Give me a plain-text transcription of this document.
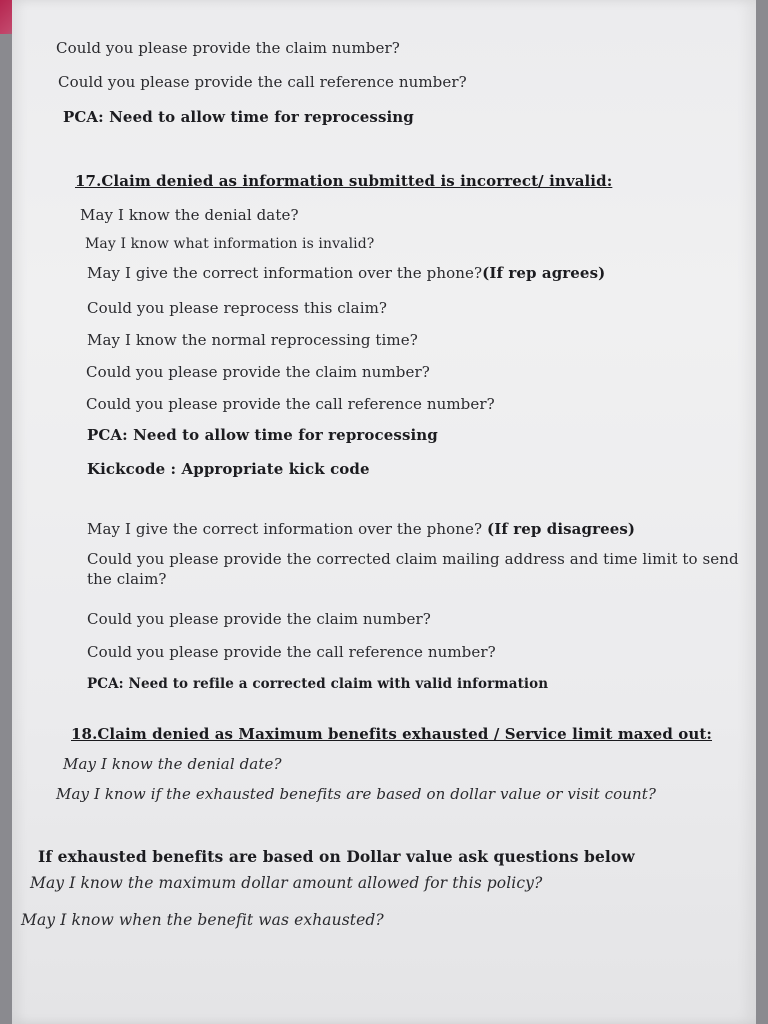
Could you please provide the claim number?
Could you please provide the call reference number?
PCA: Need to allow time for reprocessing
17.Claim denied as information submitted is incorrect/ invalid:
May I know the denial date?
May I know what information is invalid?
May I give the correct information over the phone?(If rep agrees)
Could you please reprocess this claim?
May I know the normal reprocessing time?
Could you please provide the claim number?
Could you please provide the call reference number?
PCA: Need to allow time for reprocessing
Kickcode : Appropriate kick code
May I give the correct information over the phone? (If rep disagrees)
Could you please provide the corrected claim mailing address and time limit to send the claim?
Could you please provide the claim number?
Could you please provide the call reference number?
PCA: Need to refile a corrected claim with valid information
18.Claim denied as Maximum benefits exhausted / Service limit maxed out:
May I know the denial date?
May I know if the exhausted benefits are based on dollar value or visit count?
If exhausted benefits are based on Dollar value ask questions below
May I know the maximum dollar amount allowed for this policy?
May I know when the benefit was exhausted?
